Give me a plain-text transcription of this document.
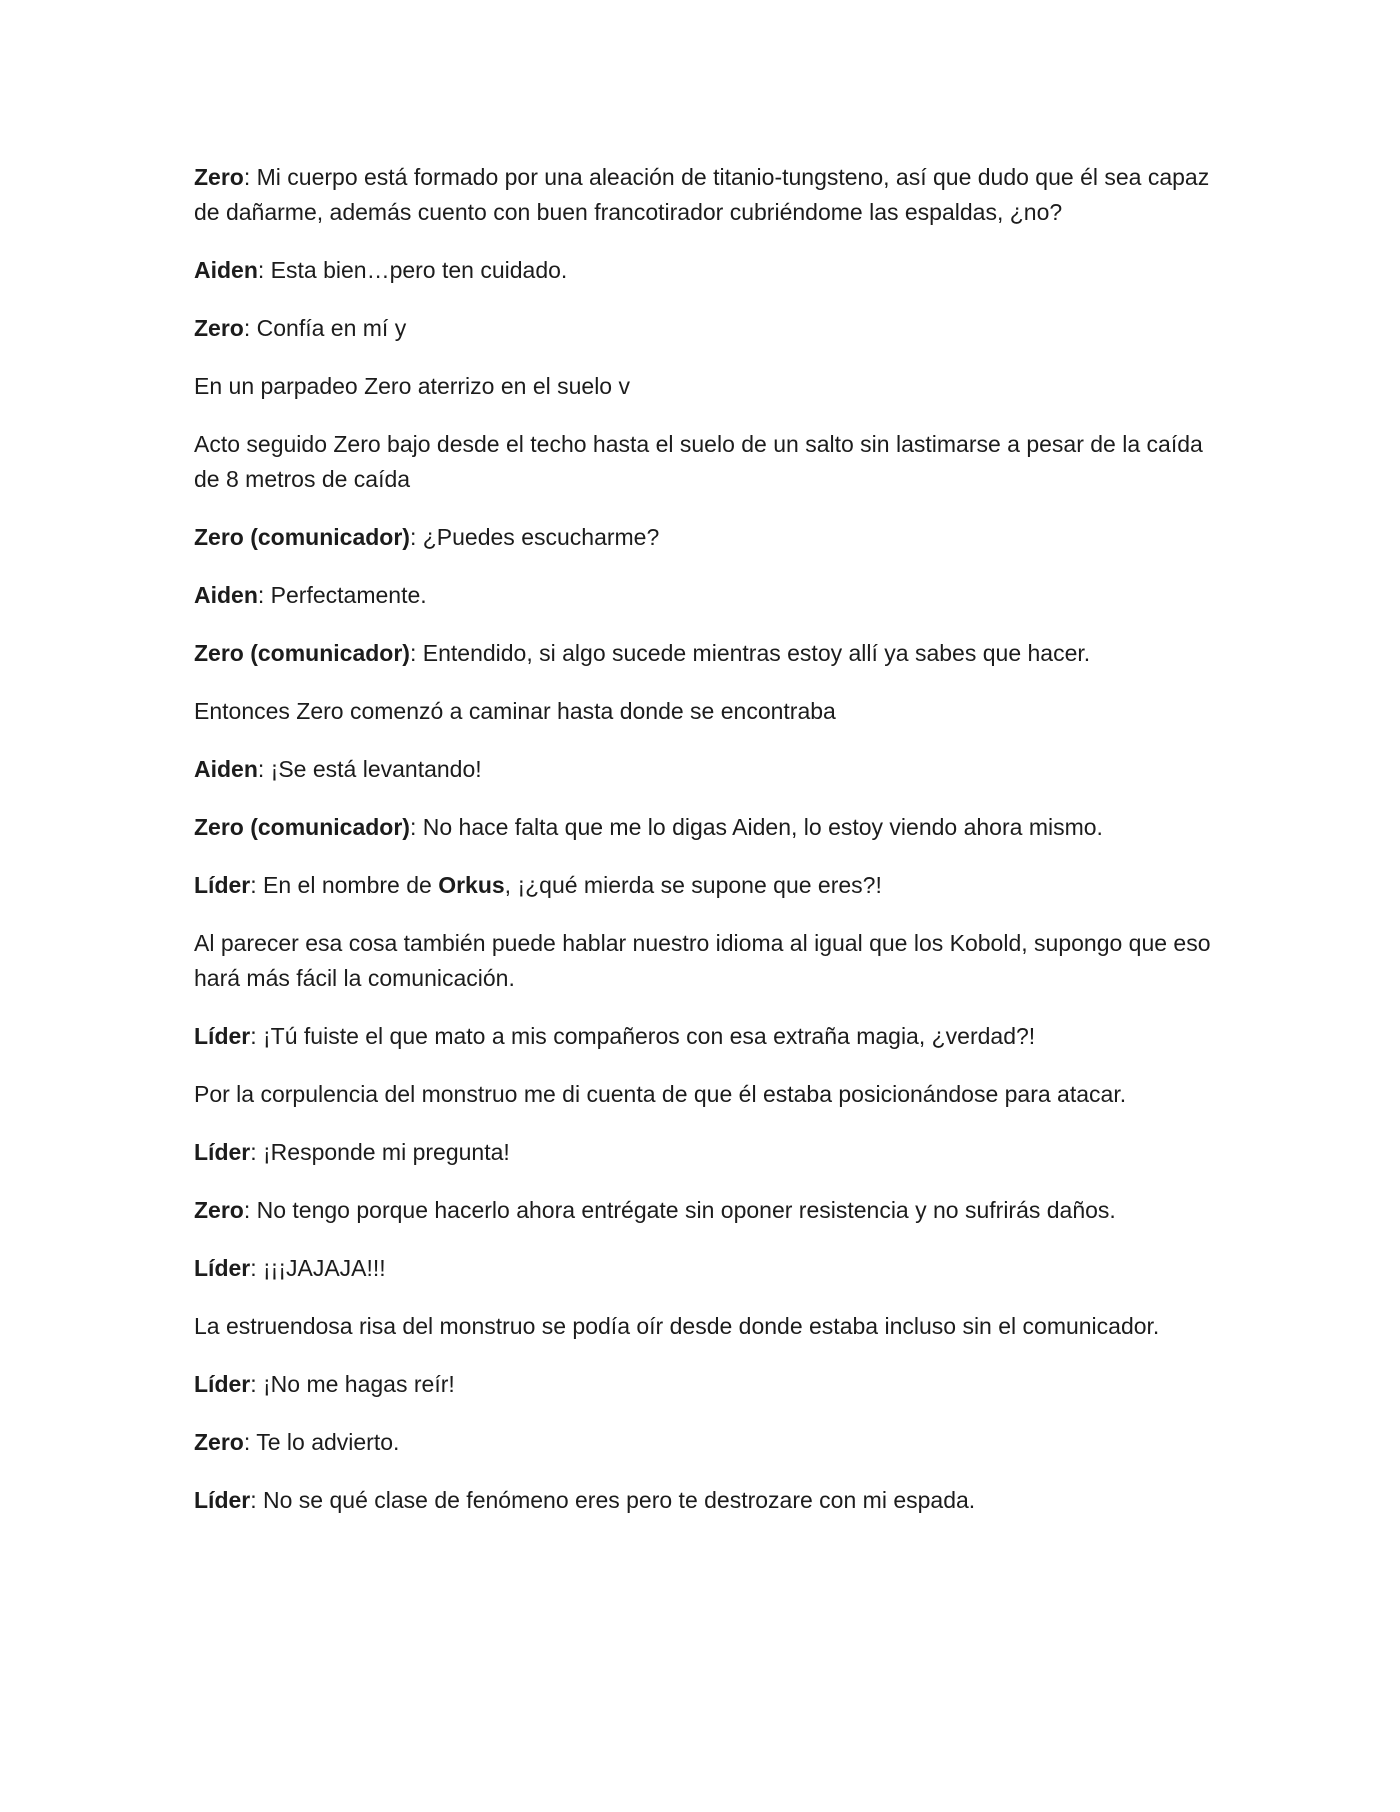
Zero: Mi cuerpo está formado por una aleación de titanio-tungsteno, así que dudo que él sea capaz de dañarme, además cuento con buen francotirador cubriéndome las espaldas, ¿no?

Aiden: Esta bien…pero ten cuidado.

Zero: Confía en mí y

En un parpadeo Zero aterrizo en el suelo v

Acto seguido Zero bajo desde el techo hasta el suelo de un salto sin lastimarse a pesar de la caída de 8 metros de caída

Zero (comunicador): ¿Puedes escucharme?

Aiden: Perfectamente.

Zero (comunicador): Entendido, si algo sucede mientras estoy allí ya sabes que hacer.

Entonces Zero comenzó a caminar hasta donde se encontraba

Aiden: ¡Se está levantando!

Zero (comunicador): No hace falta que me lo digas Aiden, lo estoy viendo ahora mismo.

Líder: En el nombre de Orkus, ¡¿qué mierda se supone que eres?!

Al parecer esa cosa también puede hablar nuestro idioma al igual que los Kobold, supongo que eso hará más fácil la comunicación.

Líder: ¡Tú fuiste el que mato a mis compañeros con esa extraña magia, ¿verdad?!

Por la corpulencia del monstruo me di cuenta de que él estaba posicionándose para atacar.

Líder: ¡Responde mi pregunta!

Zero: No tengo porque hacerlo ahora entrégate sin oponer resistencia y no sufrirás daños.

Líder: ¡¡¡JAJAJA!!!

La estruendosa risa del monstruo se podía oír desde donde estaba incluso sin el comunicador.

Líder: ¡No me hagas reír!

Zero: Te lo advierto.

Líder: No se qué clase de fenómeno eres pero te destrozare con mi espada.
